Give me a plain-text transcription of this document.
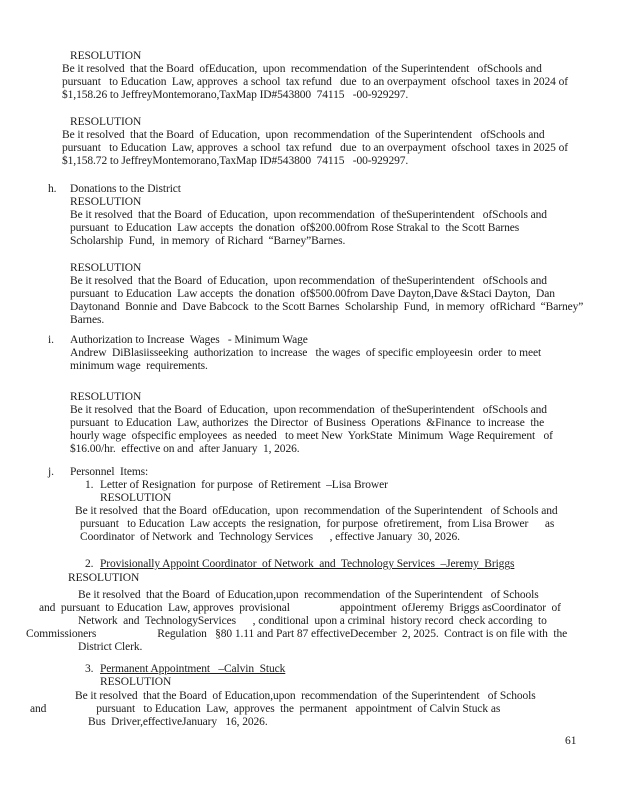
61
RESOLUTION
Be it resolved  that the Board  ofEducation,  upon  recommendation  of the Superintendent   ofSchools and
pursuant   to Education  Law, approves  a school  tax refund   due  to an overpayment  ofschool  taxes in 2024 of
$1,158.26 to JeffreyMontemorano,TaxMap ID#543800  74115   -00-929297.
RESOLUTION
Be it resolved  that the Board  of Education,  upon  recommendation  of the Superintendent   ofSchools and
pursuant   to Education  Law, approves  a school  tax refund   due  to an overpayment  ofschool  taxes in 2025 of
$1,158.72 to JeffreyMontemorano,TaxMap ID#543800  74115   -00-929297.
h. Donations to the District
RESOLUTION
Be it resolved  that the Board  of Education,  upon recommendation  of theSuperintendent   ofSchools and
pursuant  to Education  Law accepts  the donation  of$200.00from Rose Strakal to  the Scott Barnes
Scholarship  Fund,  in memory  of Richard  “Barney”Barnes.
RESOLUTION
Be it resolved  that the Board  of Education,  upon recommendation  of theSuperintendent   ofSchools and
pursuant  to Education  Law accepts  the donation  of$500.00from Dave Dayton,Dave &Staci Dayton,  Dan
Daytonand  Bonnie and  Dave Babcock  to the Scott Barnes  Scholarship  Fund,  in memory  ofRichard  “Barney”
Barnes.
i. Authorization to Increase  Wages   - Minimum Wage
Andrew  DiBlasiisseeking  authorization  to increase   the wages  of specific employeesin  order  to meet
minimum wage  requirements.
RESOLUTION
Be it resolved  that the Board  of Education,  upon recommendation  of theSuperintendent   ofSchools and
pursuant  to Education  Law, authorizes  the Director  of Business  Operations  &Finance  to increase  the
hourly wage  ofspecific employees  as needed   to meet New  YorkState  Minimum  Wage Requirement   of
$16.00/hr.  effective on and  after January  1, 2026.
j. Personnel  Items:
1. Letter of Resignation  for purpose  of Retirement  –Lisa Brower
RESOLUTION
Be it resolved  that the Board  ofEducation,  upon  recommendation  of the Superintendent   of Schools and
pursuant   to Education  Law accepts  the resignation,  for purpose  ofretirement,  from Lisa Brower      as
Coordinator  of Network  and  Technology Services      , effective January  30, 2026.
2. Provisionally Appoint Coordinator  of Network  and  Technology Services  –Jeremy  Briggs
RESOLUTION
Be it resolved  that the Board  of Education,upon  recommendation  of the Superintendent   of Schools
and  pursuant  to Education  Law, approves  provisional                  appointment  ofJeremy  Briggs asCoordinator  of
Network  and  TechnologyServices      , conditional  upon a criminal  history record  check according  to
Commissioners                      Regulation   §80 1.11 and Part 87 effectiveDecember  2, 2025.  Contract is on file with  the
District Clerk.
3. Permanent Appointment   –Calvin  Stuck
RESOLUTION
Be it resolved  that the Board  of Education,upon  recommendation  of the Superintendent   of Schools
and                  pursuant   to Education  Law,  approves  the  permanent   appointment  of Calvin Stuck as
Bus  Driver,effectiveJanuary   16, 2026.
